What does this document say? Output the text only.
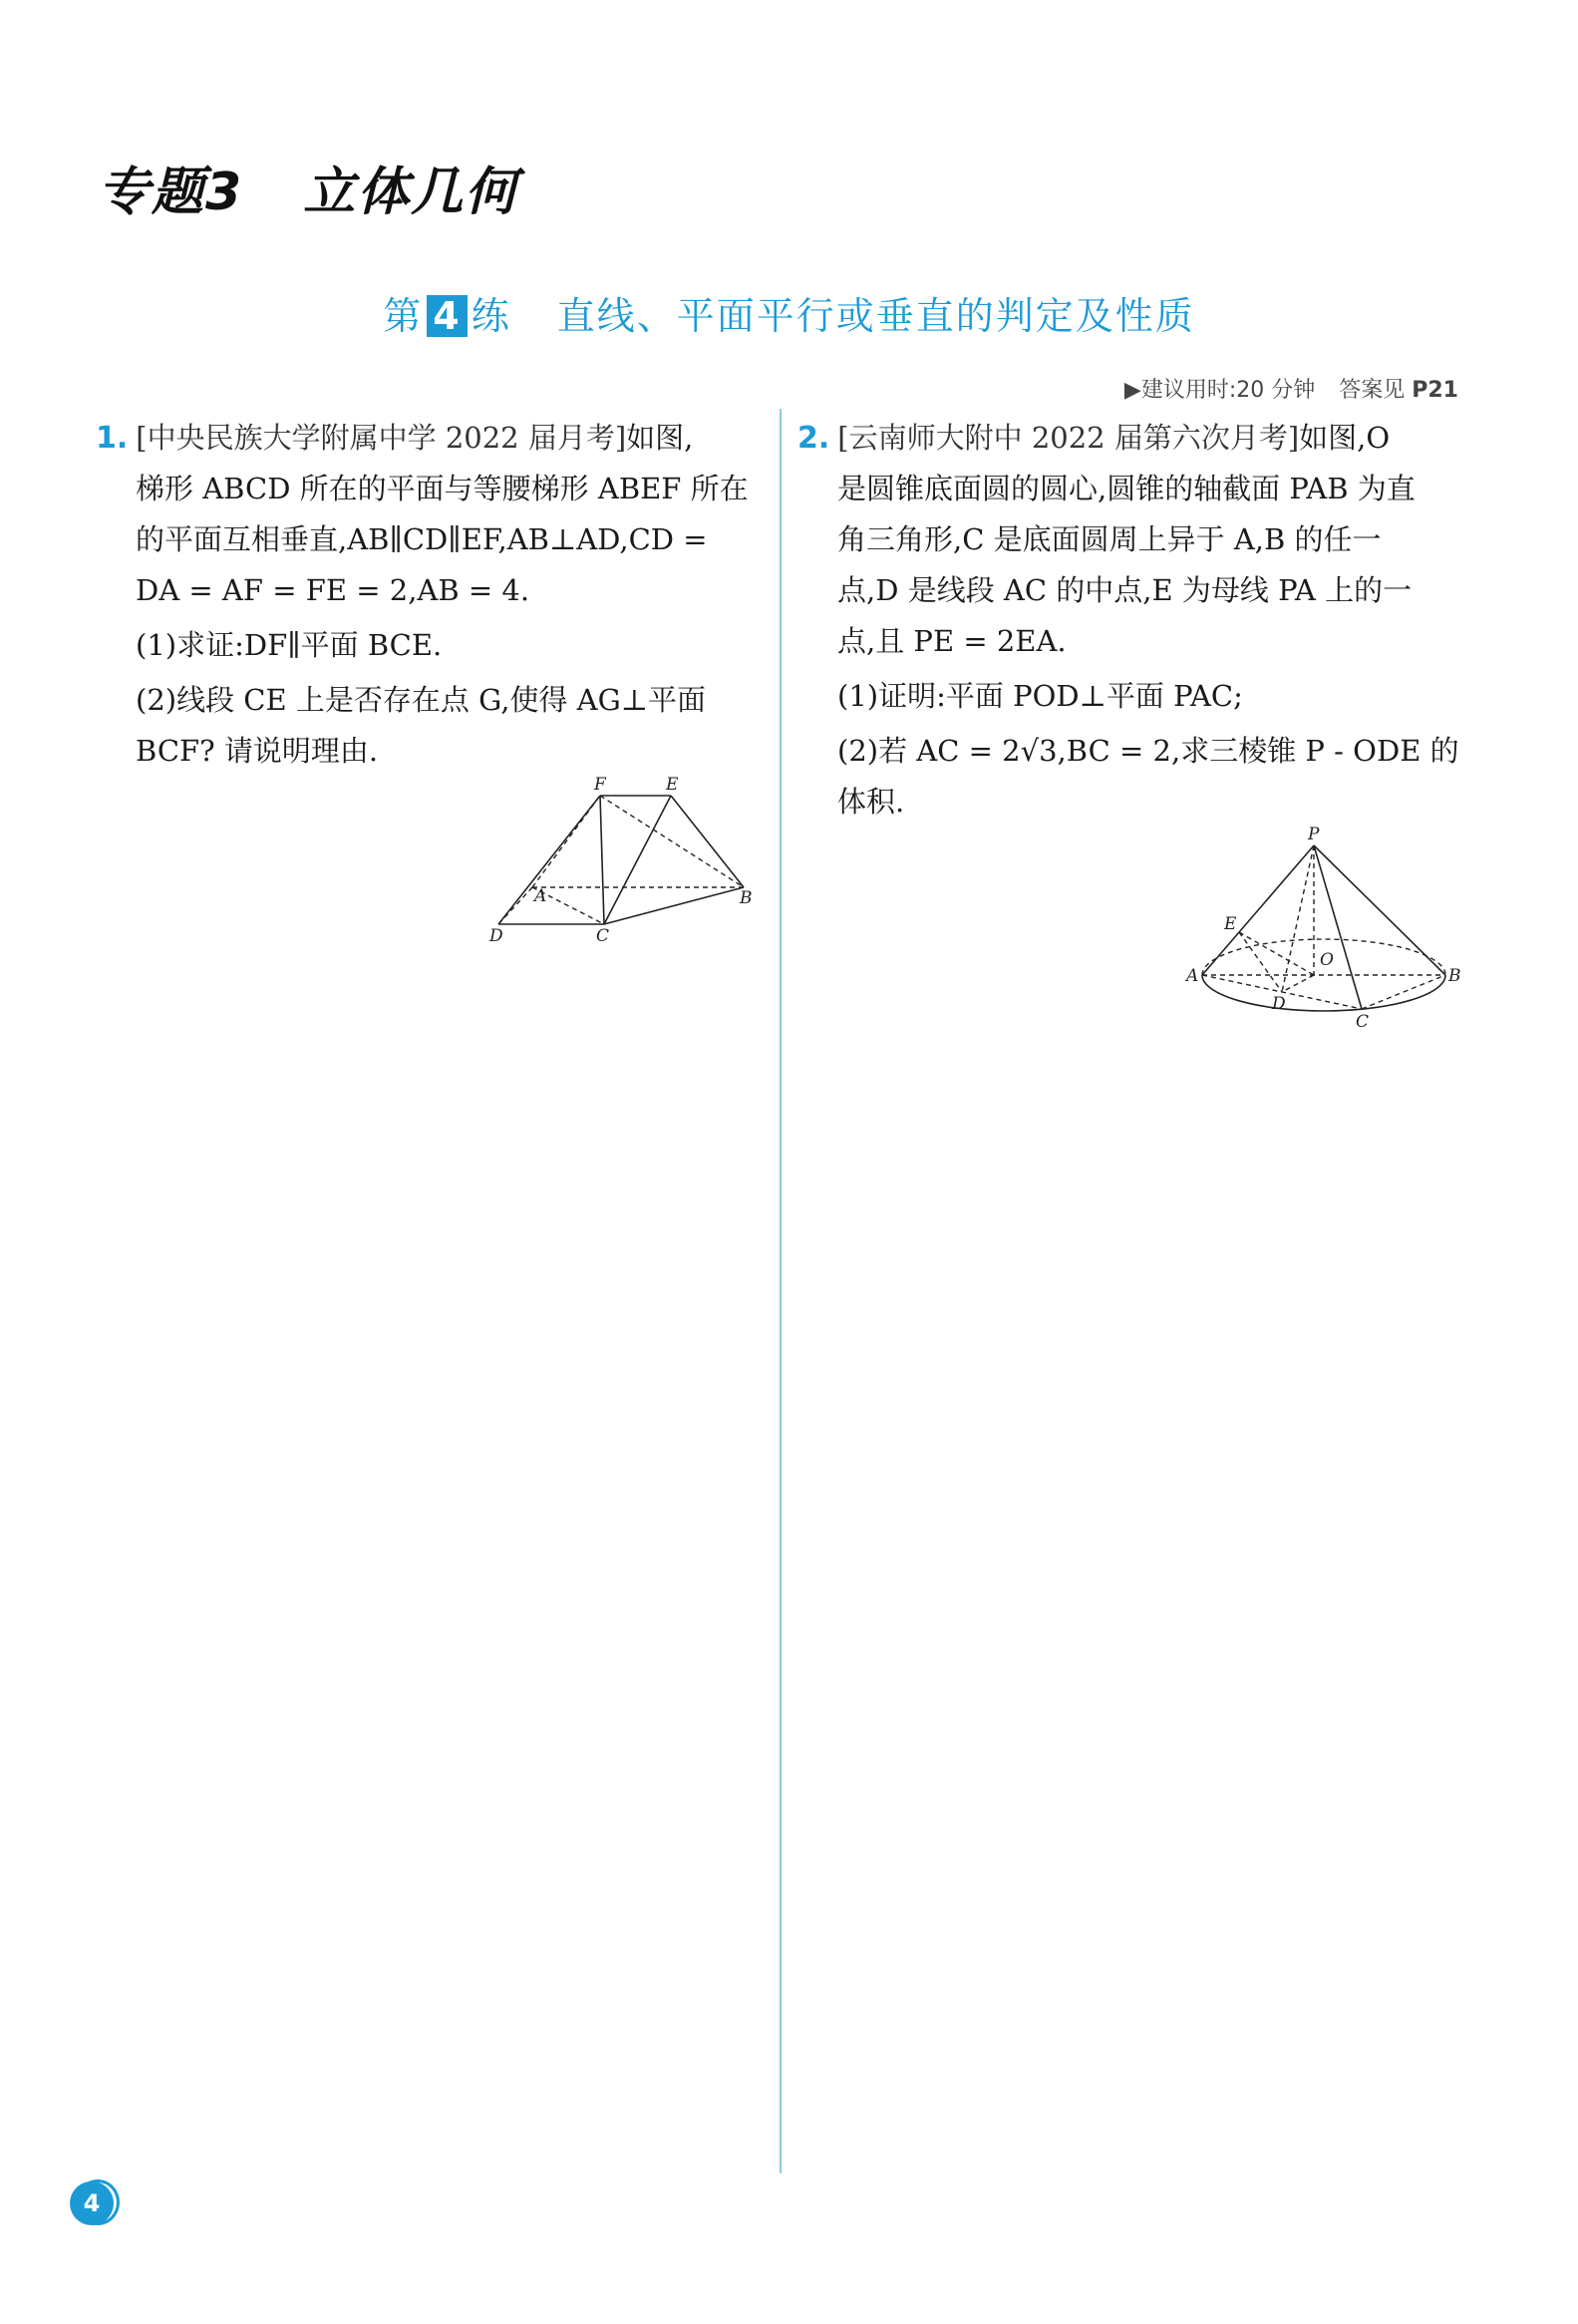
专题3 立体几何
第 4 练 直线、平面平行或垂直的判定及性质
▶建议用时:20 分钟 答案见 P21

1. [中央民族大学附属中学 2022 届月考]如图,

梯形 ABCD 所在的平面与等腰梯形 ABEF 所在

的平面互相垂直,AB∥CD∥EF,AB⊥AD,CD =

DA = AF = FE = 2,AB = 4.

(1)求证:DF∥平面 BCE.

(2)线段 CE 上是否存在点 G,使得 AG⊥平面

BCF? 请说明理由.

F	E
A	B
D	C

2. [云南师大附中 2022 届第六次月考]如图,O

是圆锥底面圆的圆心,圆锥的轴截面 PAB 为直

角三角形,C 是底面圆周上异于 A,B 的任一

点,D 是线段 AC 的中点,E 为母线 PA 上的一

点,且 PE = 2EA.

(1)证明:平面 POD⊥平面 PAC;

(2)若 AC = 2√3,BC = 2,求三棱锥 P - ODE 的

体积.

P
E
O
A	B
D
C
4
